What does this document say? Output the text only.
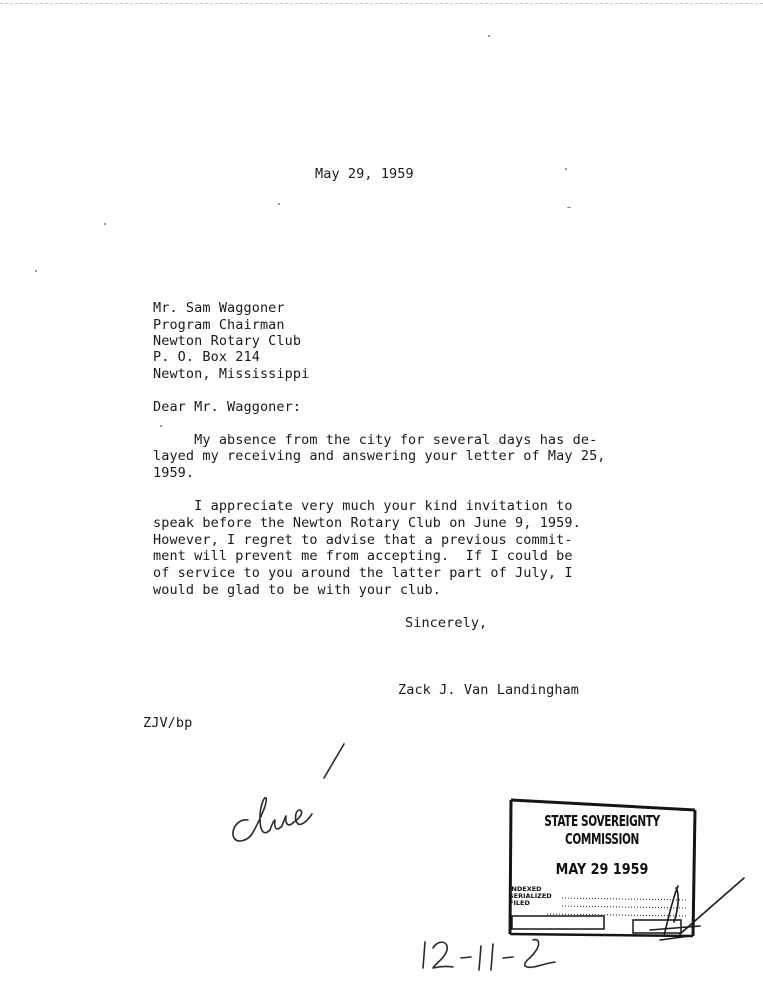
May 29, 1959
Mr. Sam Waggoner
Program Chairman
Newton Rotary Club
P. O. Box 214
Newton, Mississippi
Dear Mr. Waggoner:
My absence from the city for several days has de-
layed my receiving and answering your letter of May 25,
1959.
I appreciate very much your kind invitation to
speak before the Newton Rotary Club on June 9, 1959.
However, I regret to advise that a previous commit-
ment will prevent me from accepting.  If I could be
of service to you around the latter part of July, I
would be glad to be with your club.
Sincerely,
Zack J. Van Landingham
ZJV/bp
STATE SOVEREIGNTY COMMISSION
MAY 29 1959
INDEXED
SERIALIZED
FILED
